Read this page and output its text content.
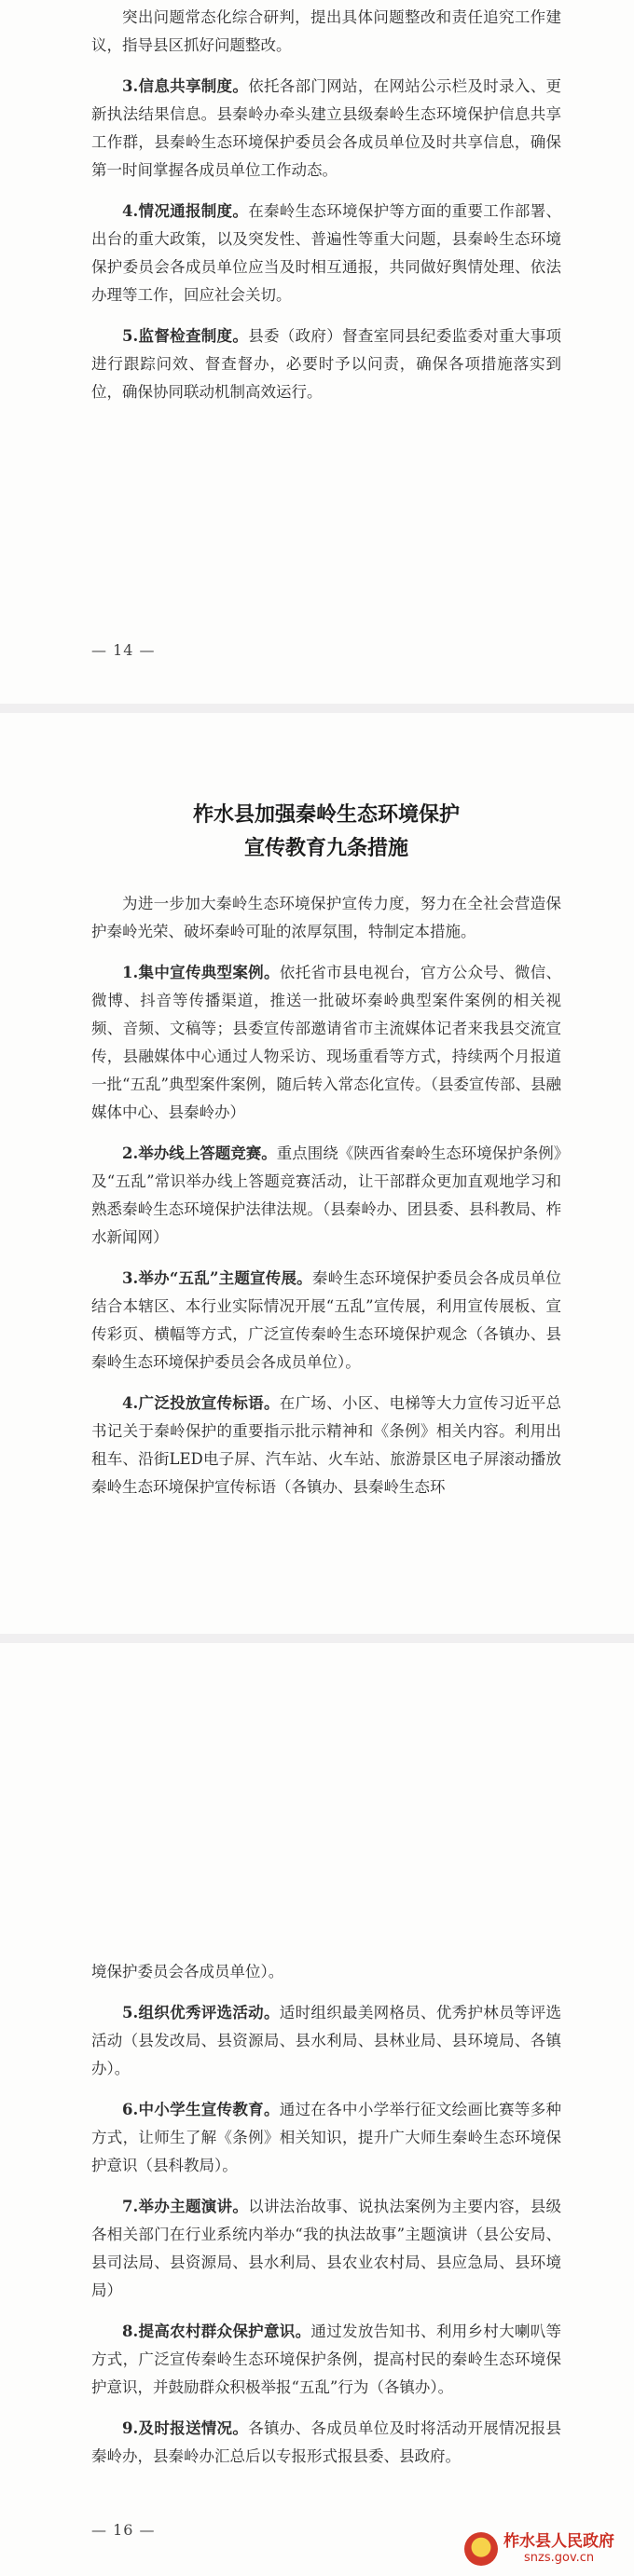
突出问题常态化综合研判，提出具体问题整改和责任追究工作建议，指导县区抓好问题整改。

3.信息共享制度。依托各部门网站，在网站公示栏及时录入、更新执法结果信息。县秦岭办牵头建立县级秦岭生态环境保护信息共享工作群，县秦岭生态环境保护委员会各成员单位及时共享信息，确保第一时间掌握各成员单位工作动态。

4.情况通报制度。在秦岭生态环境保护等方面的重要工作部署、出台的重大政策，以及突发性、普遍性等重大问题，县秦岭生态环境保护委员会各成员单位应当及时相互通报，共同做好舆情处理、依法办理等工作，回应社会关切。

5.监督检查制度。县委（政府）督查室同县纪委监委对重大事项进行跟踪问效、督查督办，必要时予以问责，确保各项措施落实到位，确保协同联动机制高效运行。

— 14 —
柞水县加强秦岭生态环境保护
宣传教育九条措施

为进一步加大秦岭生态环境保护宣传力度，努力在全社会营造保护秦岭光荣、破坏秦岭可耻的浓厚氛围，特制定本措施。

1.集中宣传典型案例。依托省市县电视台，官方公众号、微信、微博、抖音等传播渠道，推送一批破坏秦岭典型案件案例的相关视频、音频、文稿等；县委宣传部邀请省市主流媒体记者来我县交流宣传，县融媒体中心通过人物采访、现场重看等方式，持续两个月报道一批“五乱”典型案件案例，随后转入常态化宣传。（县委宣传部、县融媒体中心、县秦岭办）

2.举办线上答题竞赛。重点围绕《陕西省秦岭生态环境保护条例》及“五乱”常识举办线上答题竞赛活动，让干部群众更加直观地学习和熟悉秦岭生态环境保护法律法规。（县秦岭办、团县委、县科教局、柞水新闻网）

3.举办“五乱”主题宣传展。秦岭生态环境保护委员会各成员单位结合本辖区、本行业实际情况开展“五乱”宣传展，利用宣传展板、宣传彩页、横幅等方式，广泛宣传秦岭生态环境保护观念（各镇办、县秦岭生态环境保护委员会各成员单位）。

4.广泛投放宣传标语。在广场、小区、电梯等大力宣传习近平总书记关于秦岭保护的重要指示批示精神和《条例》相关内容。利用出租车、沿街LED电子屏、汽车站、火车站、旅游景区电子屏滚动播放秦岭生态环境保护宣传标语（各镇办、县秦岭生态环

境保护委员会各成员单位）。

5.组织优秀评选活动。适时组织最美网格员、优秀护林员等评选活动（县发改局、县资源局、县水利局、县林业局、县环境局、各镇办）。

6.中小学生宣传教育。通过在各中小学举行征文绘画比赛等多种方式，让师生了解《条例》相关知识，提升广大师生秦岭生态环境保护意识（县科教局）。

7.举办主题演讲。以讲法治故事、说执法案例为主要内容，县级各相关部门在行业系统内举办“我的执法故事”主题演讲（县公安局、县司法局、县资源局、县水利局、县农业农村局、县应急局、县环境局）

8.提高农村群众保护意识。通过发放告知书、利用乡村大喇叭等方式，广泛宣传秦岭生态环境保护条例，提高村民的秦岭生态环境保护意识，并鼓励群众积极举报“五乱”行为（各镇办）。

9.及时报送情况。各镇办、各成员单位及时将活动开展情况报县秦岭办，县秦岭办汇总后以专报形式报县委、县政府。

— 16 —
柞水县人民政府
snzs.gov.cn
